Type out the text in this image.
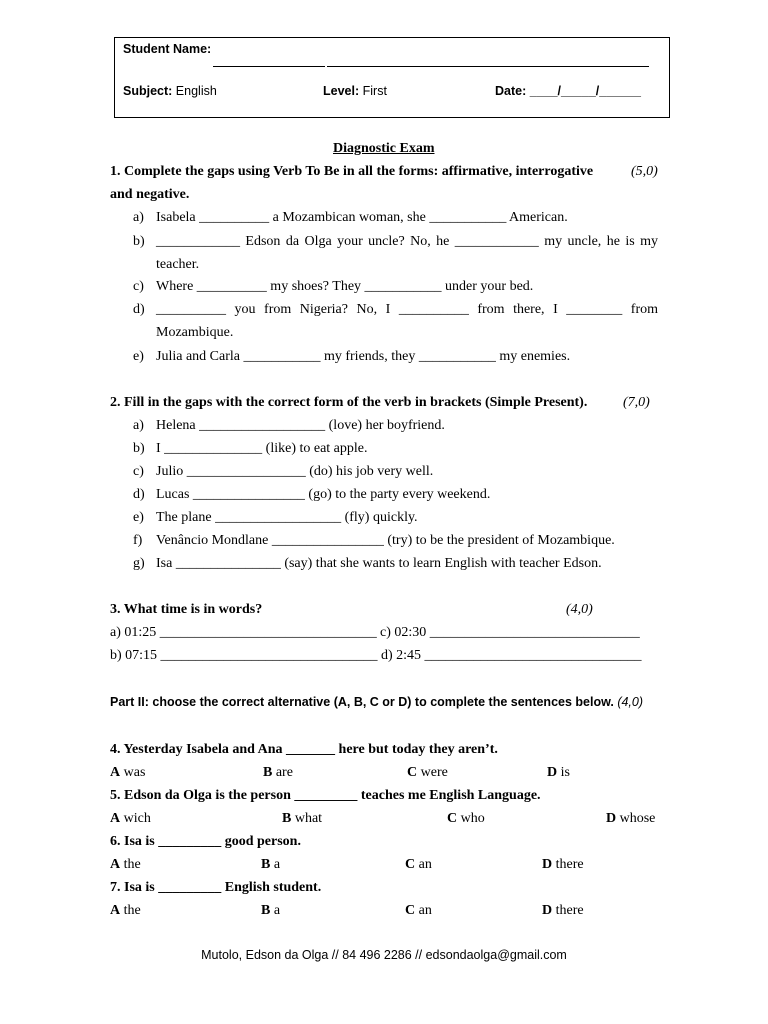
Student Name:
Subject: English	Level: First	Date: ____/_____/______
Diagnostic Exam
1. Complete the gaps using Verb To Be in all the forms: affirmative, interrogative	(5,0)
and negative.
a) Isabela __________ a Mozambican woman, she ___________ American.
b) ____________ Edson da Olga your uncle? No, he ____________ my uncle, he is my
teacher.
c) Where __________ my shoes? They ___________ under your bed.
d) __________ you from Nigeria? No, I __________ from there, I ________ from
Mozambique.
e) Julia and Carla ___________ my friends, they ___________ my enemies.
2. Fill in the gaps with the correct form of the verb in brackets (Simple Present).	(7,0)
a) Helena __________________ (love) her boyfriend.
b) I ______________ (like) to eat apple.
c) Julio _________________ (do) his job very well.
d) Lucas ________________ (go) to the party every weekend.
e) The plane __________________ (fly) quickly.
f) Venâncio Mondlane ________________ (try) to be the president of Mozambique.
g) Isa _______________ (say) that she wants to learn English with teacher Edson.
3. What time is in words?	(4,0)
a) 01:25 _______________________________ c) 02:30 ______________________________
b) 07:15 _______________________________ d) 2:45 _______________________________
Part II: choose the correct alternative (A, B, C or D) to complete the sentences below. (4,0)
4. Yesterday Isabela and Ana _______ here but today they aren’t.
A was	B are	C were	D is
5. Edson da Olga is the person _________ teaches me English Language.
A wich	B what	C who	D whose
6. Isa is _________ good person.
A the	B a	C an	D there
7. Isa is _________ English student.
A the	B a	C an	D there
Mutolo, Edson da Olga // 84 496 2286 // edsondaolga@gmail.com
